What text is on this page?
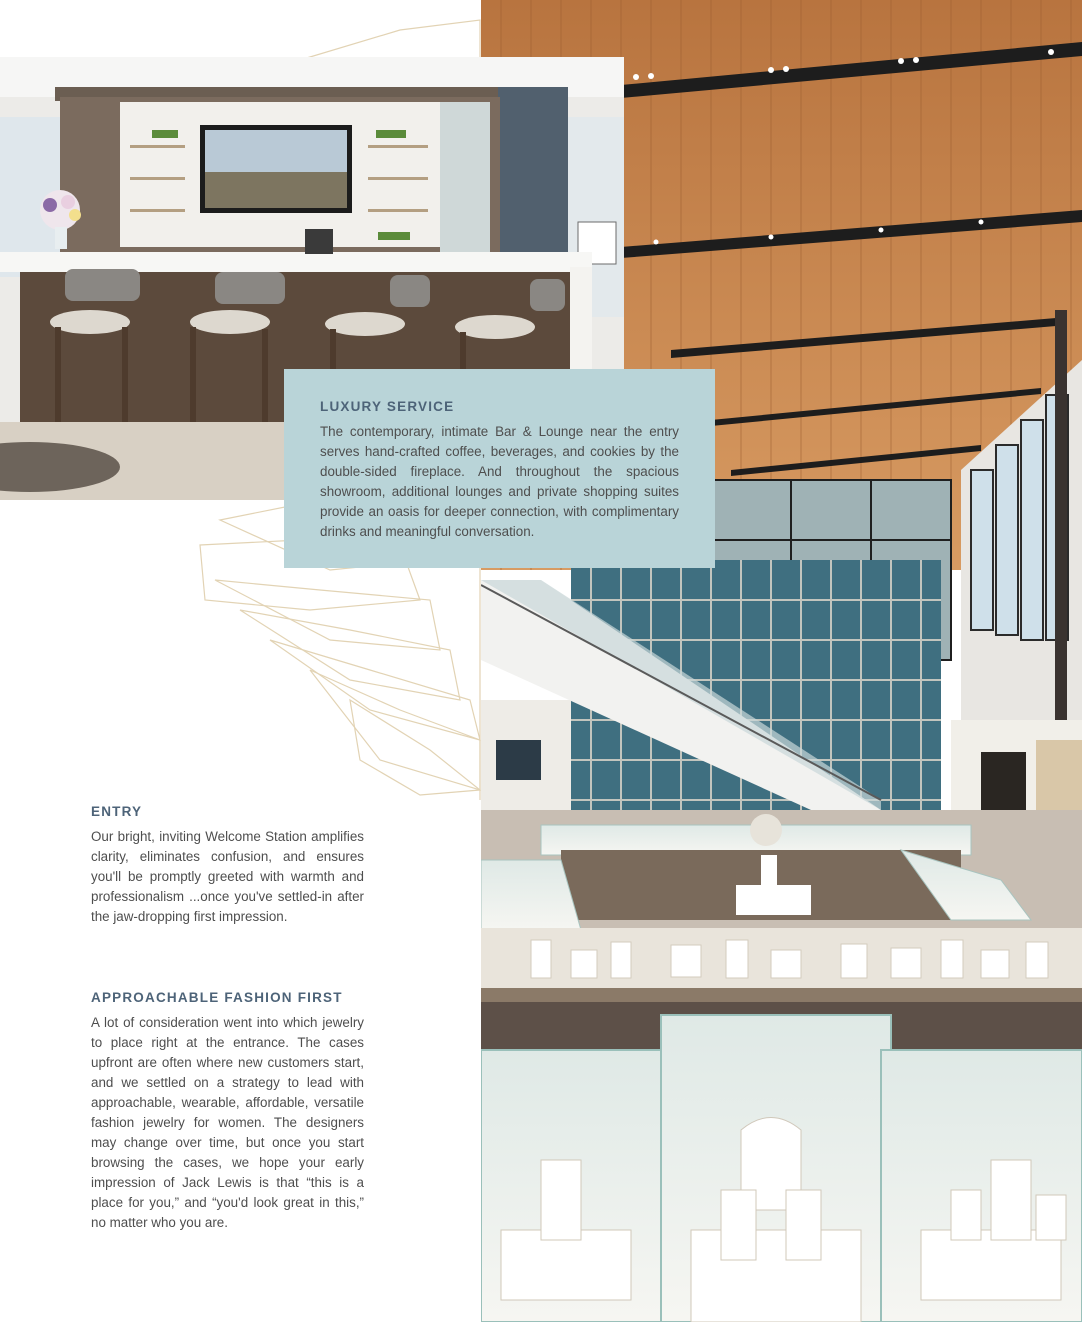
LUXURY SERVICE

The contemporary, intimate Bar & Lounge near the entry serves hand-crafted coffee, beverages, and cookies by the double-sided fireplace. And throughout the spacious showroom, additional lounges and private shopping suites provide an oasis for deeper connection, with complimentary drinks and meaningful conversation.

ENTRY

Our bright, inviting Welcome Station amplifies clarity, eliminates confusion, and ensures you'll be promptly greeted with warmth and professionalism ...once you've settled-in after the jaw-dropping first impression.

APPROACHABLE FASHION FIRST

A lot of consideration went into which jewelry to place right at the entrance. The cases upfront are often where new customers start, and we settled on a strategy to lead with approachable, wearable, affordable, versatile fashion jewelry for women. The designers may change over time, but once you start browsing the cases, we hope your early impression of Jack Lewis is that “this is a place for you,” and “you'd look great in this,” no matter who you are.
